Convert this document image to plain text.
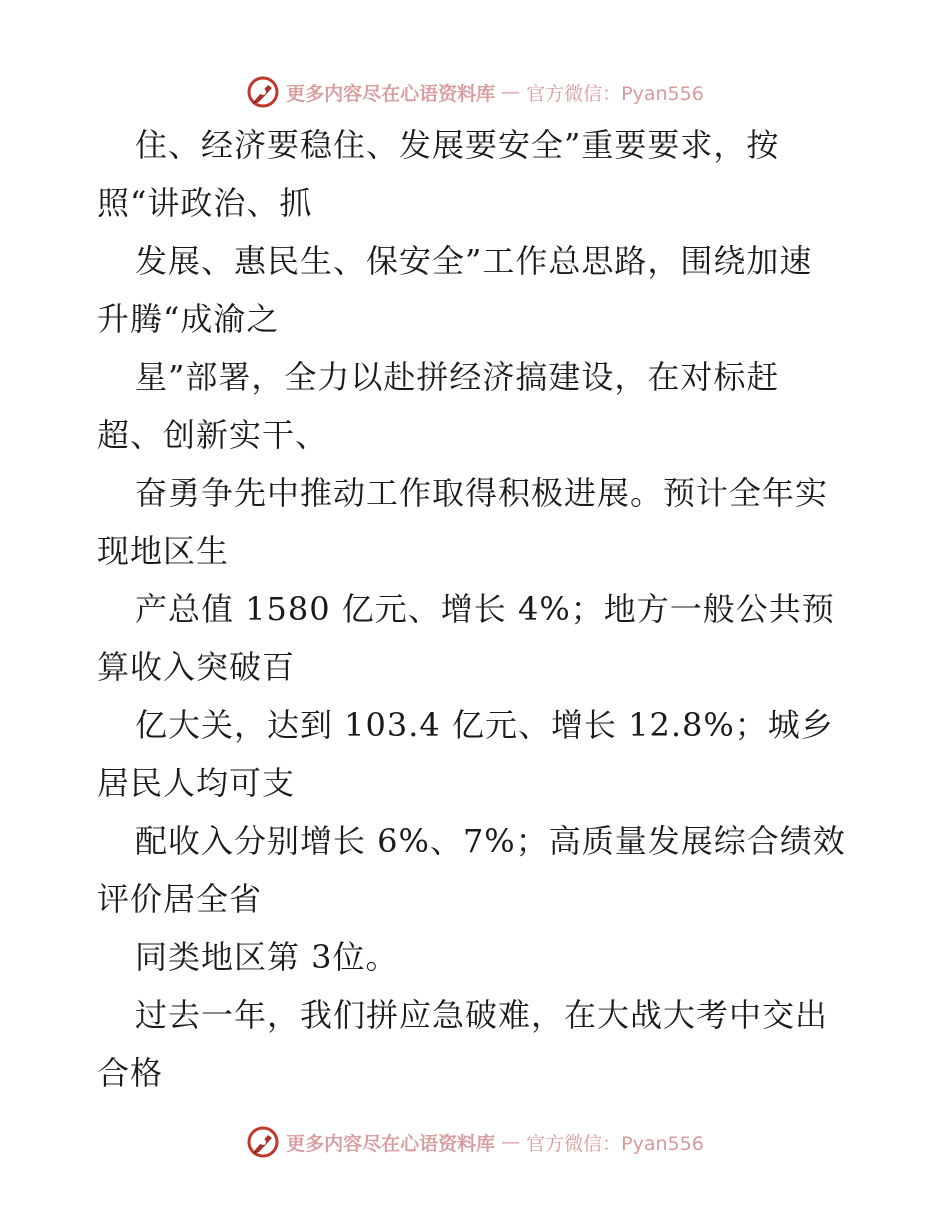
更多内容尽在心语资料库 — 官方微信：Pyan556
住、经济要稳住、发展要安全”重要要求，按
照“讲政治、抓
发展、惠民生、保安全”工作总思路，围绕加速
升腾“成渝之
星”部署，全力以赴拼经济搞建设，在对标赶
超、创新实干、
奋勇争先中推动工作取得积极进展。预计全年实
现地区生
产总值 1580 亿元、增长 4%；地方一般公共预
算收入突破百
亿大关，达到 103.4 亿元、增长 12.8%；城乡
居民人均可支
配收入分别增长 6%、7%；高质量发展综合绩效
评价居全省
同类地区第 3位。
过去一年，我们拼应急破难，在大战大考中交出
合格
更多内容尽在心语资料库 — 官方微信：Pyan556
